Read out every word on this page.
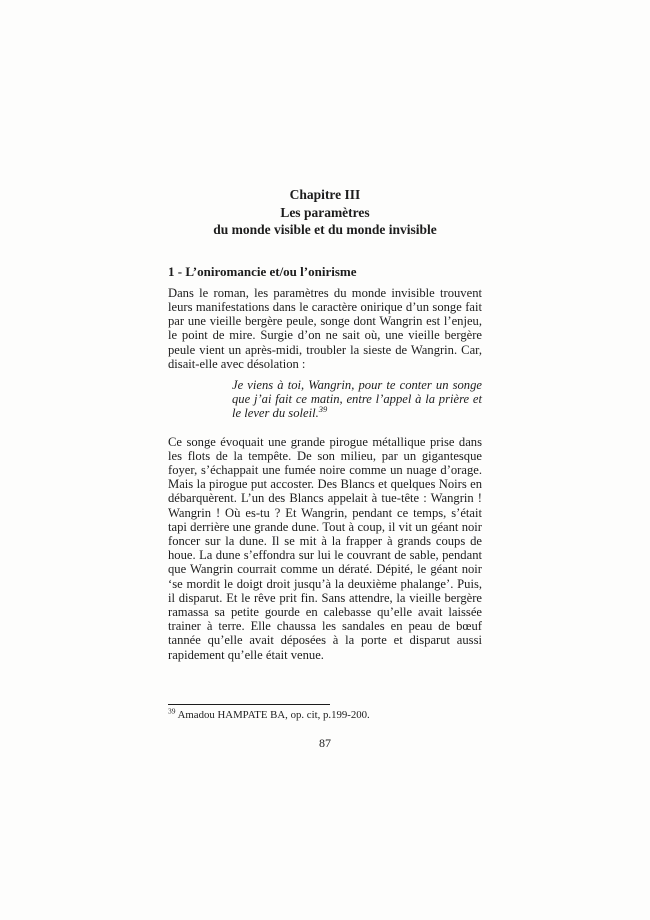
Chapitre III
Les paramètres
du monde visible et du monde invisible
1 - L’oniromancie et/ou l’onirisme

Dans le roman, les paramètres du monde invisible trouvent leurs manifestations dans le caractère onirique d’un songe fait par une vieille bergère peule, songe dont Wangrin est l’enjeu, le point de mire. Surgie d’on ne sait où, une vieille bergère peule vient un après-midi, troubler la sieste de Wangrin. Car, disait-elle avec désolation :

Je viens à toi, Wangrin, pour te conter un songe que j’ai fait ce matin, entre l’appel à la prière et le lever du soleil.$^{39}$

Ce songe évoquait une grande pirogue métallique prise dans les flots de la tempête. De son milieu, par un gigantesque foyer, s’échappait une fumée noire comme un nuage d’orage. Mais la pirogue put accoster. Des Blancs et quelques Noirs en débarquèrent. L’un des Blancs appelait à tue-tête : Wangrin ! Wangrin ! Où es-tu ? Et Wangrin, pendant ce temps, s’était tapi derrière une grande dune. Tout à coup, il vit un géant noir foncer sur la dune. Il se mit à la frapper à grands coups de houe. La dune s’effondra sur lui le couvrant de sable, pendant que Wangrin courrait comme un dératé. Dépité, le géant noir ‘se mordit le doigt droit jusqu’à la deuxième phalange’. Puis, il disparut. Et le rêve prit fin. Sans attendre, la vieille bergère ramassa sa petite gourde en calebasse qu’elle avait laissée trainer à terre. Elle chaussa les sandales en peau de bœuf tannée qu’elle avait déposées à la porte et disparut aussi rapidement qu’elle était venue.

$^{39}$ Amadou HAMPATE BA, op. cit, p.199-200.
87
